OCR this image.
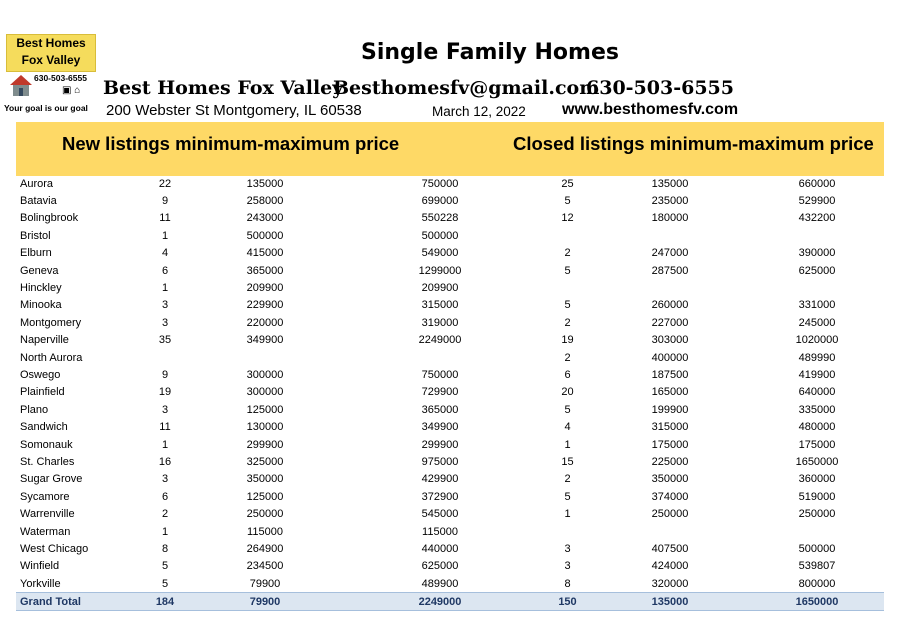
Best Homes
Fox Valley
630-503-6555
▣ ⌂
Your goal is our goal
Single Family Homes
Best Homes Fox Valley
Besthomesfv@gmail.com
630-503-6555
200 Webster St Montgomery, IL 60538	March 12, 2022 www.besthomesfv.com
New listings minimum-maximum price	Closed listings minimum-maximum price
Aurora	22	135000	750000	25	135000	660000
Batavia	9	258000	699000	5	235000	529900
Bolingbrook	11	243000	550228	12	180000	432200
Bristol	1	500000	500000			
Elburn	4	415000	549000	2	247000	390000
Geneva	6	365000	1299000	5	287500	625000
Hinckley	1	209900	209900			
Minooka	3	229900	315000	5	260000	331000
Montgomery	3	220000	319000	2	227000	245000
Naperville	35	349900	2249000	19	303000	1020000
North Aurora				2	400000	489990
Oswego	9	300000	750000	6	187500	419900
Plainfield	19	300000	729900	20	165000	640000
Plano	3	125000	365000	5	199900	335000
Sandwich	11	130000	349900	4	315000	480000
Somonauk	1	299900	299900	1	175000	175000
St. Charles	16	325000	975000	15	225000	1650000
Sugar Grove	3	350000	429900	2	350000	360000
Sycamore	6	125000	372900	5	374000	519000
Warrenville	2	250000	545000	1	250000	250000
Waterman	1	115000	115000			
West Chicago	8	264900	440000	3	407500	500000
Winfield	5	234500	625000	3	424000	539807
Yorkville	5	79900	489900	8	320000	800000
Grand Total	184	79900	2249000	150	135000	1650000
